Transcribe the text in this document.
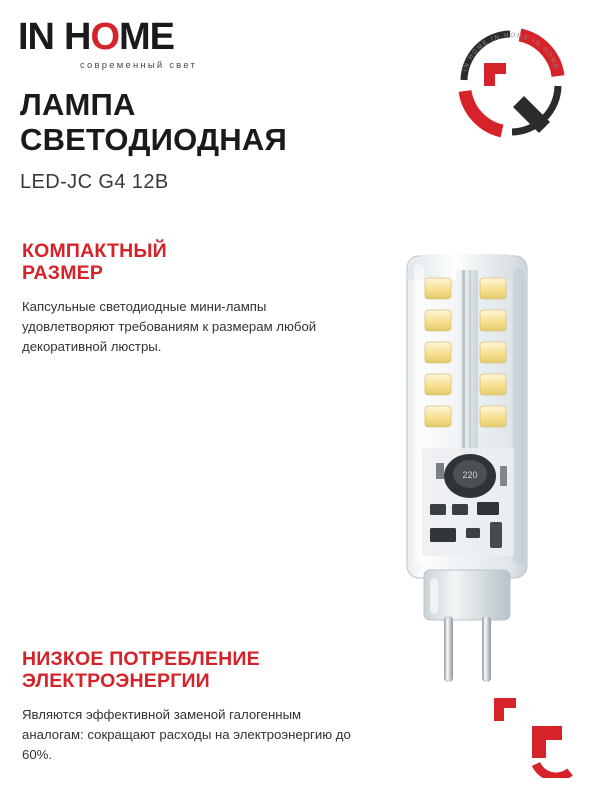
IN HOME
современный свет	IN HOME IN HOME IN HOME
ЛАМПА
СВЕТОДИОДНАЯ
LED-JC G4 12В
КОМПАКТНЫЙ
РАЗМЕР

Капсульные светодиодные мини-лампы удовлетворяют требованиям к размерам любой декоративной люстры.

НИЗКОЕ ПОТРЕБЛЕНИЕ
ЭЛЕКТРОЭНЕРГИИ

Являются эффективной заменой галогенным аналогам: сокращают расходы на электроэнергию до 60%.

220
